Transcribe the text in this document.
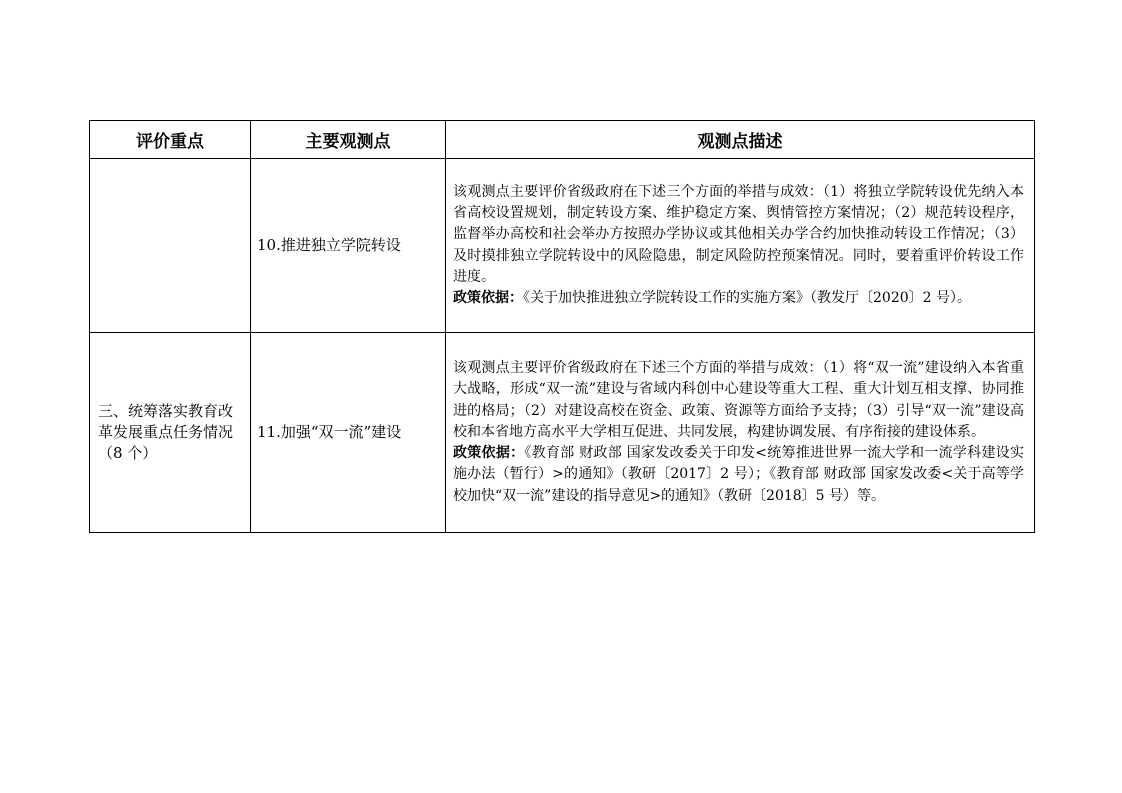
评价重点	主要观测点	观测点描述
	10.推进独立学院转设	该观测点主要评价省级政府在下述三个方面的举措与成效：（1）将独立学院转设优先纳入本省高校设置规划，制定转设方案、维护稳定方案、舆情管控方案情况；（2）规范转设程序，监督举办高校和社会举办方按照办学协议或其他相关办学合约加快推动转设工作情况；（3）及时摸排独立学院转设中的风险隐患，制定风险防控预案情况。同时，要着重评价转设工作进度。
政策依据：《关于加快推进独立学院转设工作的实施方案》（教发厅〔2020〕2 号）。

三、统筹落实教育改革发展重点任务情况（8 个）	11.加强“双一流”建设	该观测点主要评价省级政府在下述三个方面的举措与成效：（1）将“双一流”建设纳入本省重大战略，形成“双一流”建设与省域内科创中心建设等重大工程、重大计划互相支撑、协同推进的格局；（2）对建设高校在资金、政策、资源等方面给予支持；（3）引导“双一流”建设高校和本省地方高水平大学相互促进、共同发展，构建协调发展、有序衔接的建设体系。
政策依据：《教育部 财政部 国家发改委关于印发<统筹推进世界一流大学和一流学科建设实施办法（暂行）>的通知》（教研〔2017〕2 号）；《教育部 财政部 国家发改委<关于高等学校加快“双一流”建设的指导意见>的通知》（教研〔2018〕5 号）等。
